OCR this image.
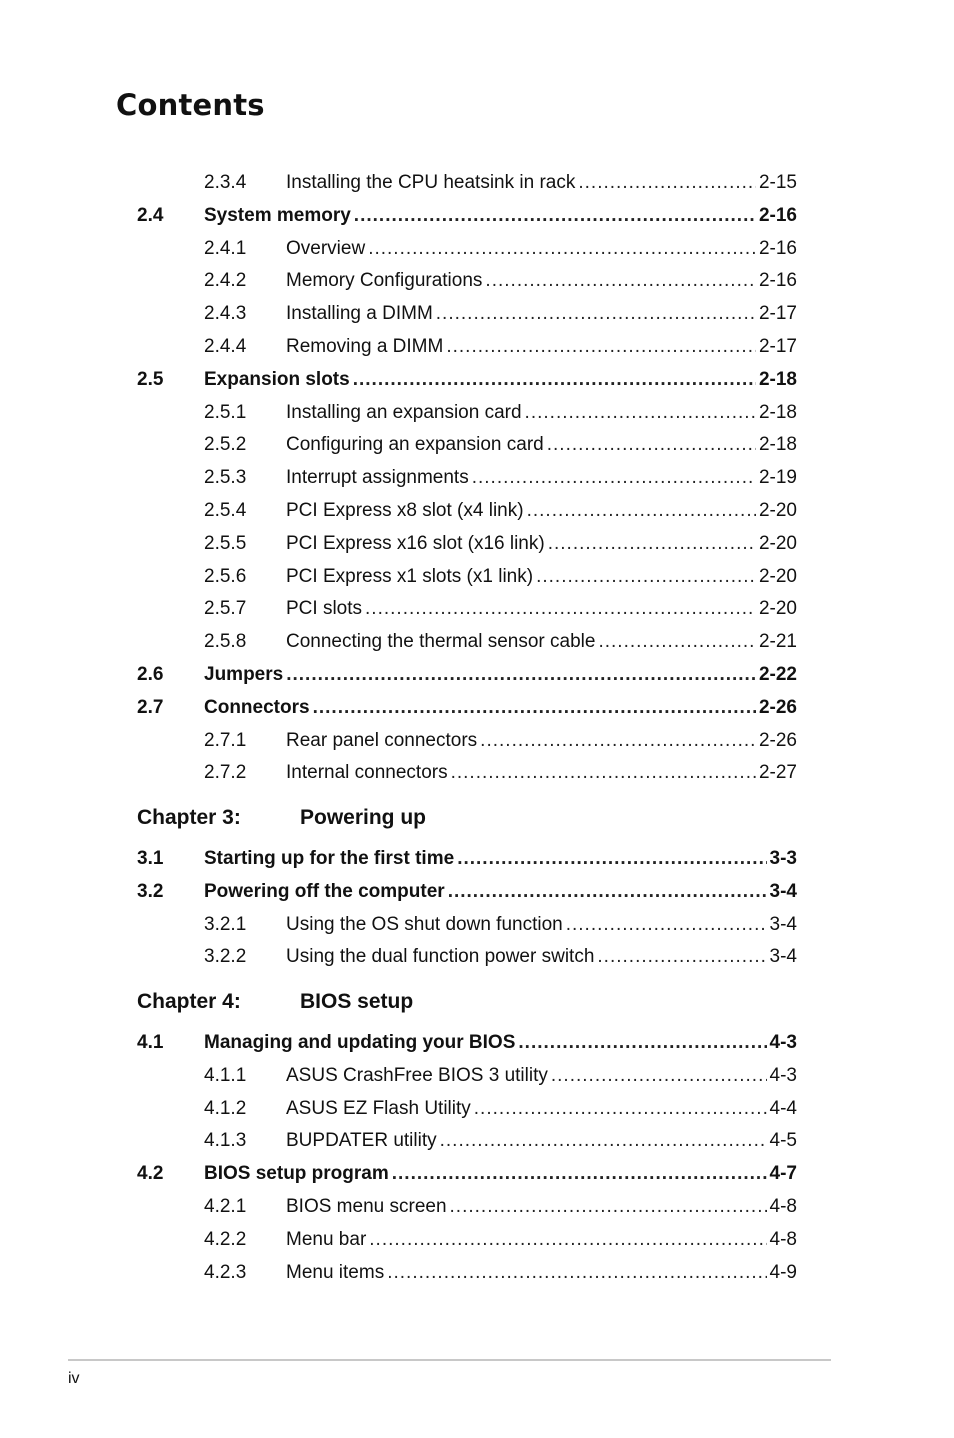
Contents
2.3.4	Installing the CPU heatsink in rack .....	2-15
2.4	System memory .....	2-16
2.4.1	Overview .....	2-16
2.4.2	Memory Configurations .....	2-16
2.4.3	Installing a DIMM .....	2-17
2.4.4	Removing a DIMM .....	2-17
2.5	Expansion slots .....	2-18
2.5.1	Installing an expansion card .....	2-18
2.5.2	Configuring an expansion card .....	2-18
2.5.3	Interrupt assignments .....	2-19
2.5.4	PCI Express x8 slot (x4 link) .....	2-20
2.5.5	PCI Express x16 slot (x16 link) .....	2-20
2.5.6	PCI Express x1 slots (x1 link) .....	2-20
2.5.7	PCI slots .....	2-20
2.5.8	Connecting the thermal sensor cable .....	2-21
2.6	Jumpers .....	2-22
2.7	Connectors .....	2-26
2.7.1	Rear panel connectors .....	2-26
2.7.2	Internal connectors .....	2-27
Chapter 3:	Powering up
3.1	Starting up for the first time .....	3-3
3.2	Powering off the computer .....	3-4
3.2.1	Using the OS shut down function .....	3-4
3.2.2	Using the dual function power switch .....	3-4
Chapter 4:	BIOS setup
4.1	Managing and updating your BIOS .....	4-3
4.1.1	ASUS CrashFree BIOS 3 utility .....	4-3
4.1.2	ASUS EZ Flash Utility .....	4-4
4.1.3	BUPDATER utility .....	4-5
4.2	BIOS setup program .....	4-7
4.2.1	BIOS menu screen .....	4-8
4.2.2	Menu bar .....	4-8
4.2.3	Menu items .....	4-9
iv
